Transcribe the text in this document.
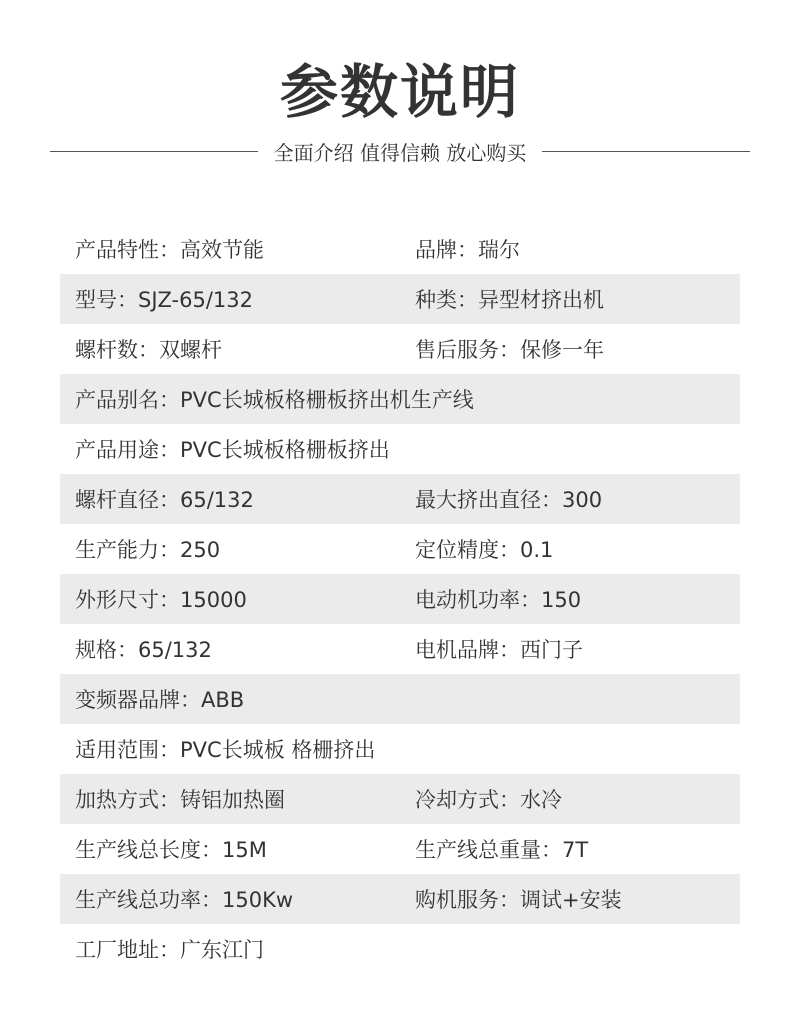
参数说明
全面介绍 值得信赖 放心购买
产品特性：高效节能	品牌：瑞尔
型号：SJZ-65/132	种类：异型材挤出机
螺杆数：双螺杆	售后服务：保修一年
产品别名：PVC长城板格栅板挤出机生产线
产品用途：PVC长城板格栅板挤出
螺杆直径：65/132	最大挤出直径：300
生产能力：250	定位精度：0.1
外形尺寸：15000	电动机功率：150
规格：65/132	电机品牌：西门子
变频器品牌：ABB
适用范围：PVC长城板 格栅挤出
加热方式：铸铝加热圈	冷却方式：水冷
生产线总长度：15M	生产线总重量：7T
生产线总功率：150Kw	购机服务：调试+安装
工厂地址：广东江门
